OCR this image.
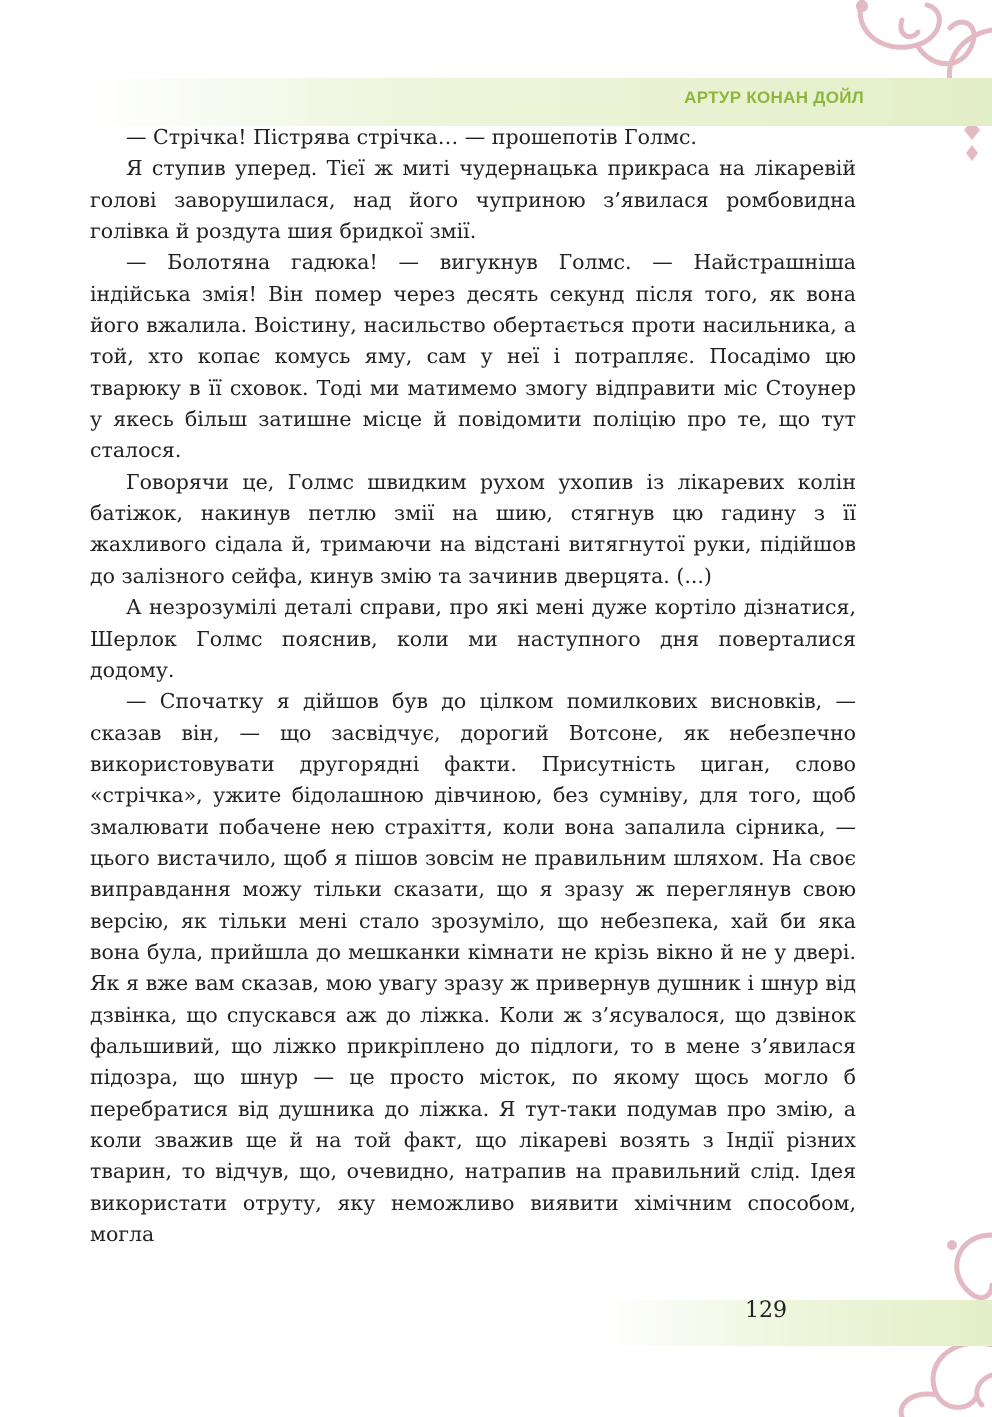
АРТУР КОНАН ДОЙЛ

— Стрічка! Пістрява стрічка… — прошепотів Голмс.

Я ступив уперед. Тієї ж миті чудернацька прикраса на лікаревій голові заворушилася, над його чуприною з’явилася ромбовидна голівка й роздута шия бридкої змії.

— Болотяна гадюка! — вигукнув Голмс. — Найстрашніша індійська змія! Він помер через десять секунд після того, як вона його вжалила. Воістину, насильство обертається проти насильника, а той, хто копає комусь яму, сам у неї і потрапляє. Посадімо цю тварюку в її сховок. Тоді ми матимемо змогу відправити міс Стоунер у якесь більш затишне місце й повідомити поліцію про те, що тут сталося.

Говорячи це, Голмс швидким рухом ухопив із лікаревих колін батіжок, накинув петлю змії на шию, стягнув цю гадину з її жахливого сідала й, тримаючи на відстані витягнутої руки, підійшов до залізного сейфа, кинув змію та зачинив дверцята. (...)

А незрозумілі деталі справи, про які мені дуже кортіло дізнатися, Шерлок Голмс пояснив, коли ми наступного дня поверталися додому.

— Спочатку я дійшов був до цілком помилкових висновків, — сказав він, — що засвідчує, дорогий Вотсоне, як небезпечно використовувати другорядні факти. Присутність циган, слово «стрічка», ужите бідолашною дівчиною, без сумніву, для того, щоб змалювати побачене нею страхіття, коли вона запалила сірника, — цього вистачило, щоб я пішов зовсім не правильним шляхом. На своє виправдання можу тільки сказати, що я зразу ж переглянув свою версію, як тільки мені стало зрозуміло, що небезпека, хай би яка вона була, прийшла до мешканки кімнати не крізь вікно й не у двері. Як я вже вам сказав, мою увагу зразу ж привернув душник і шнур від дзвінка, що спускався аж до ліжка. Коли ж з’ясувалося, що дзвінок фальшивий, що ліжко прикріплено до підлоги, то в мене з’явилася підозра, що шнур — це просто місток, по якому щось могло б перебратися від душника до ліжка. Я тут-таки подумав про змію, а коли зважив ще й на той факт, що лікареві возять з Індії різних тварин, то відчув, що, очевидно, натрапив на правильний слід. Ідея використати отруту, яку неможливо виявити хімічним способом, могла

129
